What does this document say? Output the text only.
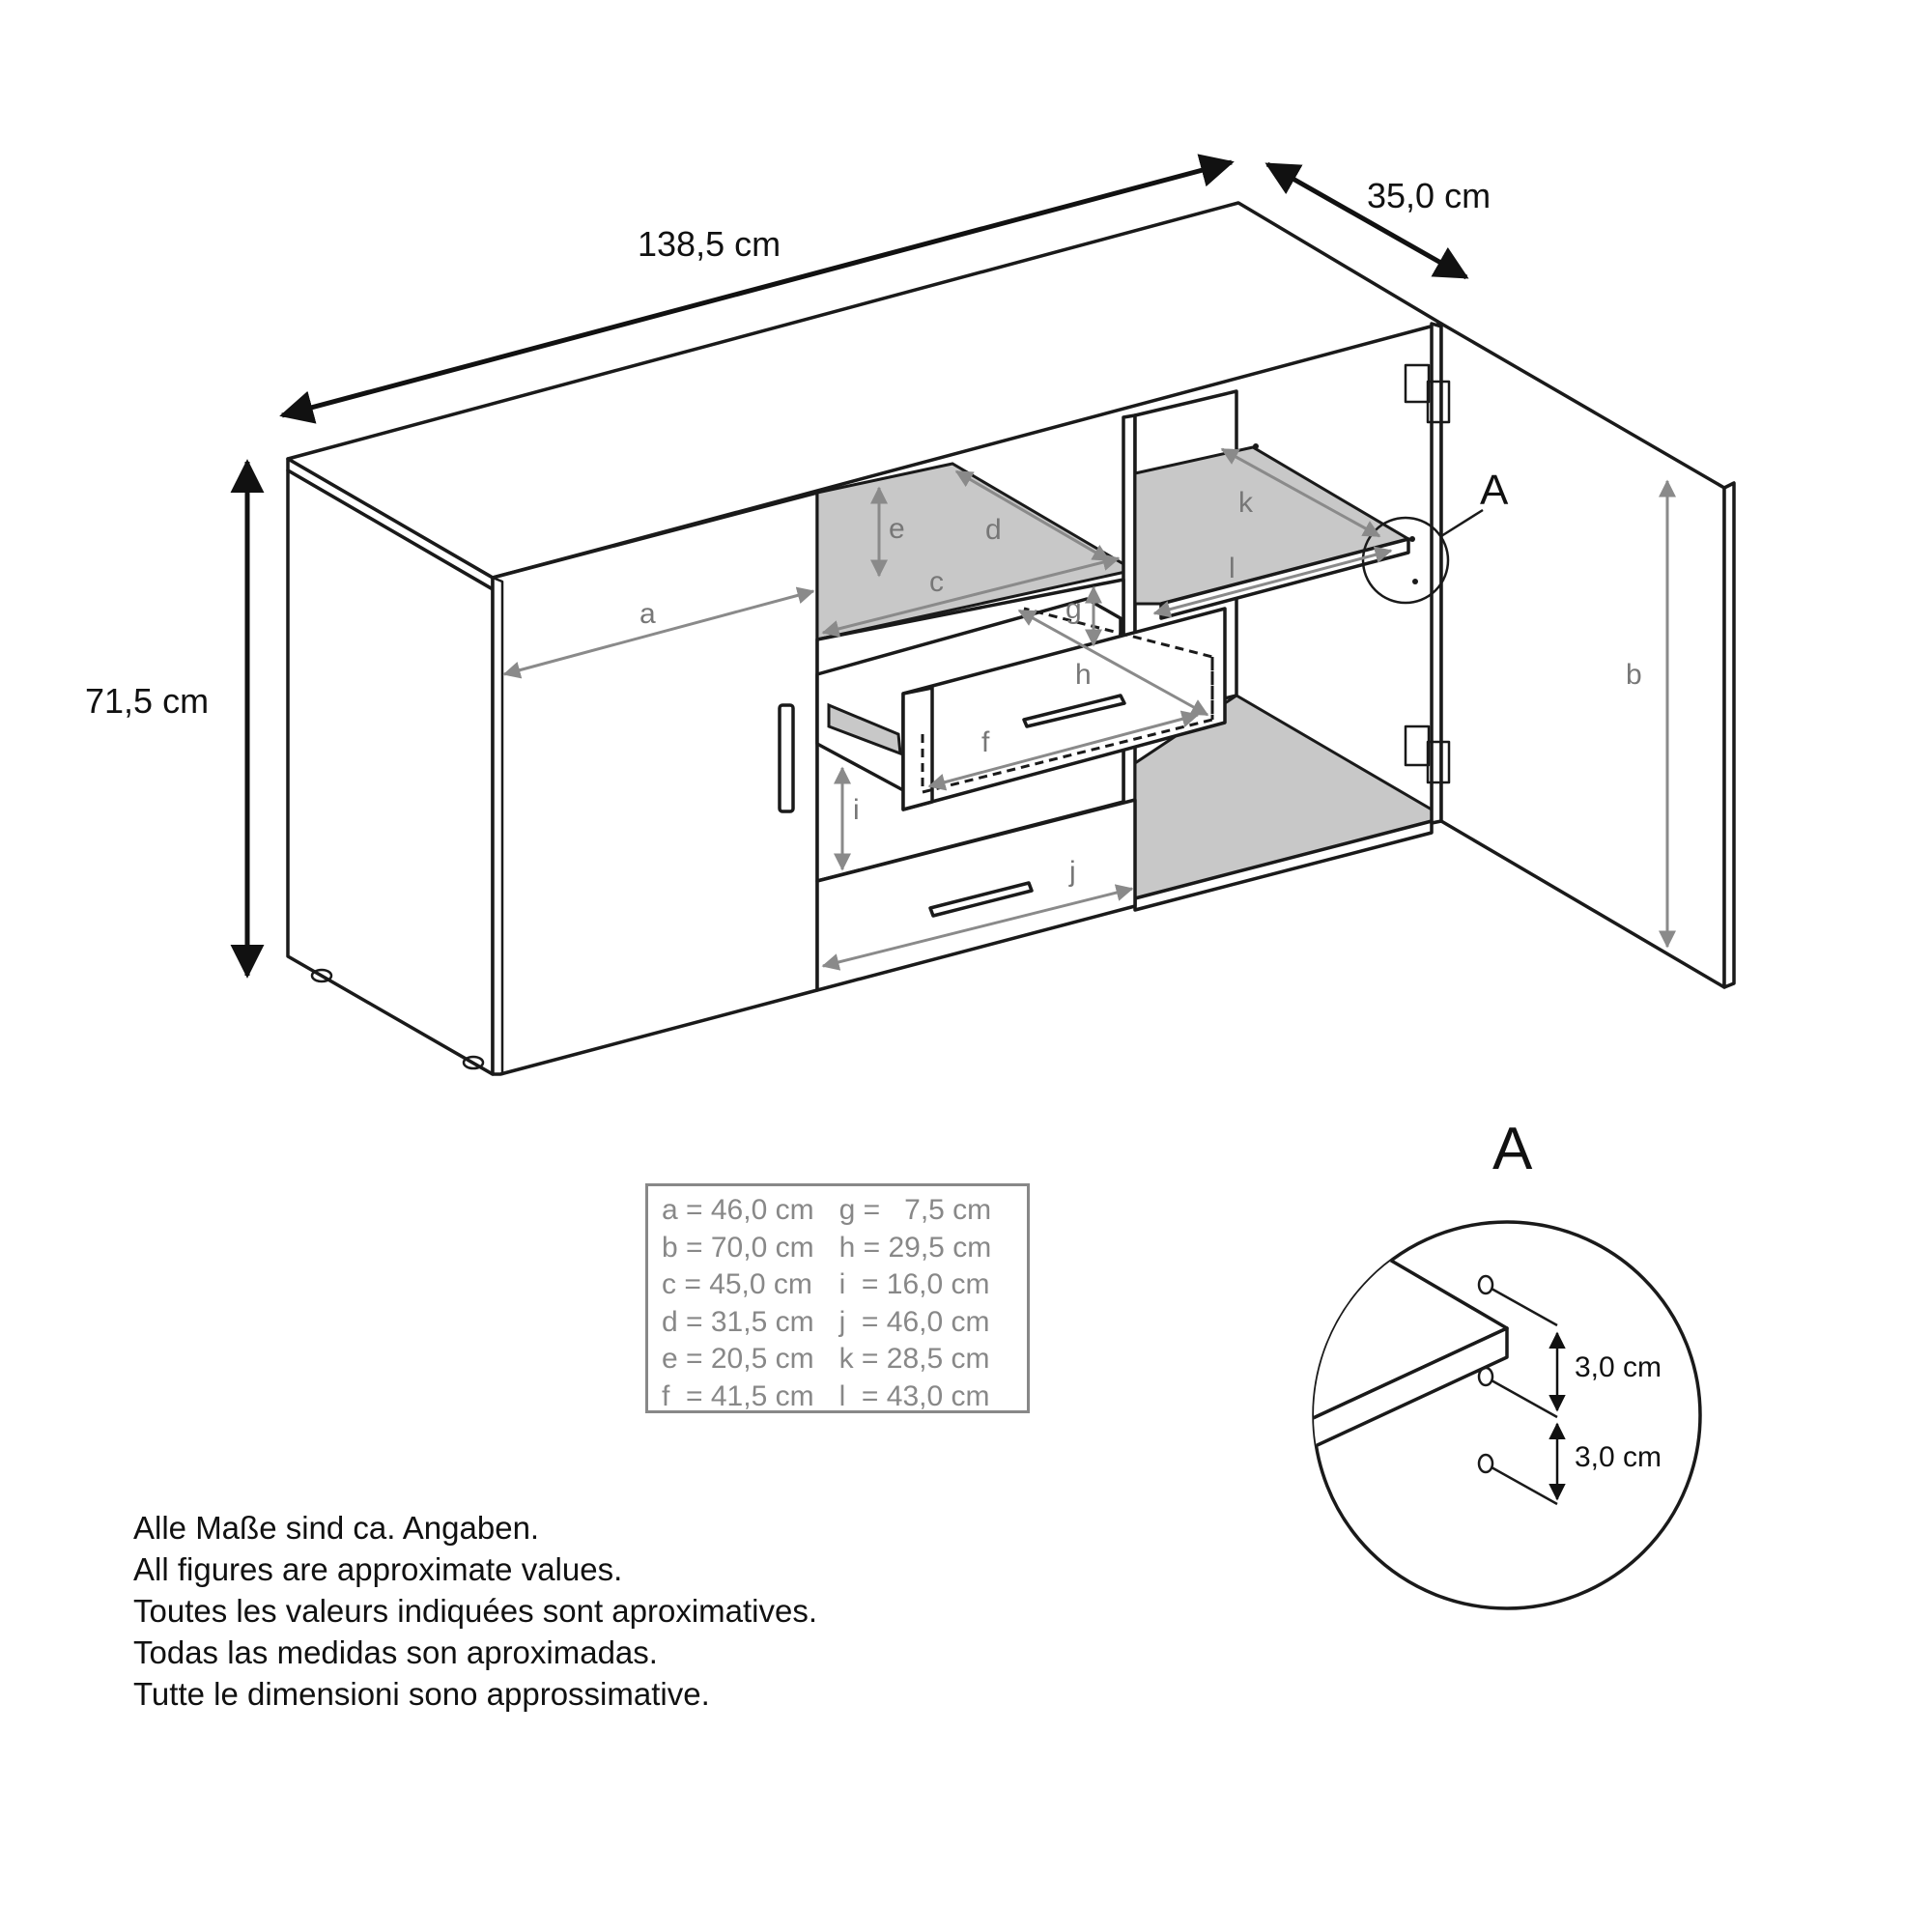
A
138,5 cm
35,0 cm
71,5 cm
a
b
c
d
e
f
g
h
i
j
k
l
A
3,0 cm
3,0 cm
a = 46,0 cm	g =   7,5 cm
b = 70,0 cm	h = 29,5 cm
c = 45,0 cm	i  = 16,0 cm
d = 31,5 cm	j  = 46,0 cm
e = 20,5 cm	k = 28,5 cm
f  = 41,5 cm	l  = 43,0 cm
Alle Maße sind ca. Angaben.
All figures are approximate values.
Toutes les valeurs indiquées sont aproximatives.
Todas las medidas son aproximadas.
Tutte le dimensioni sono approssimative.
